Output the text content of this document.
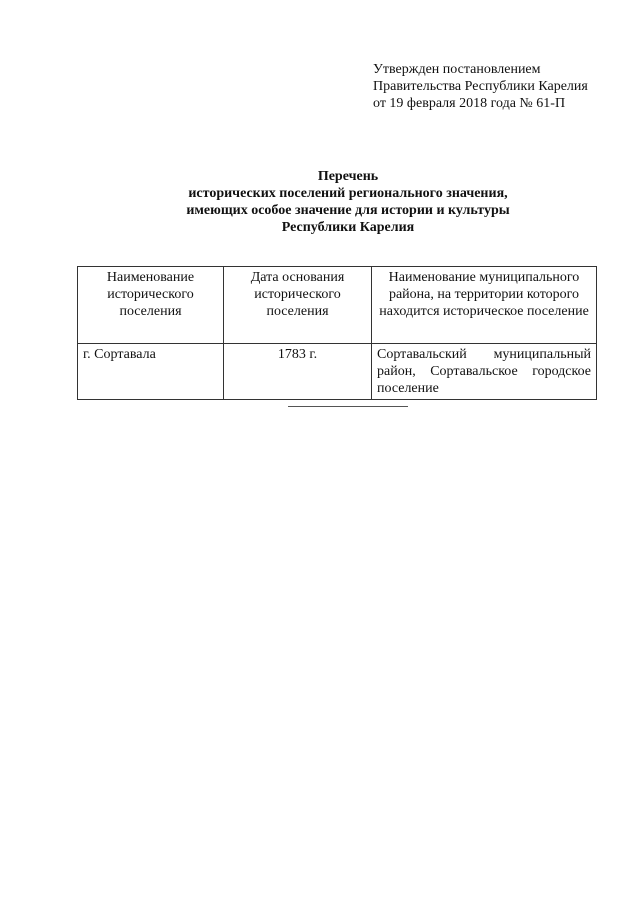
Утвержден постановлением
Правительства Республики Карелия
от 19 февраля 2018 года № 61-П
Перечень
исторических поселений регионального значения,
имеющих особое значение для истории и культуры
Республики Карелия
Наименование исторического поселения	Дата основания исторического поселения	Наименование муниципального района, на территории которого находится историческое поселение
г. Сортавала	1783 г.	Сортавальский муниципальный район, Сортавальское городское поселение
